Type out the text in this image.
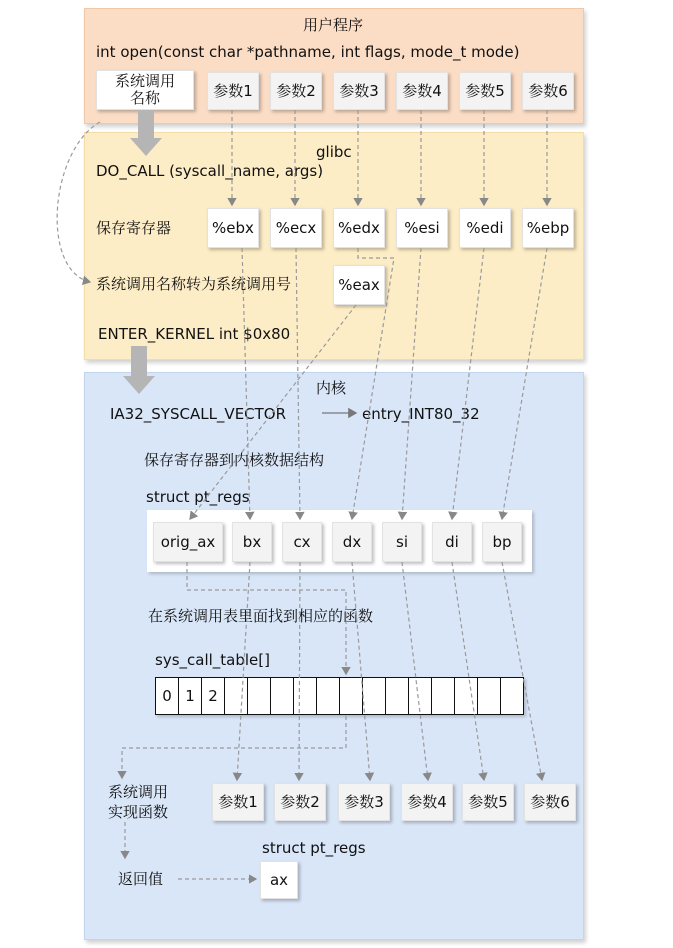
用户程序
int open(const char *pathname, int flags, mode_t mode)
系统调用
名称	参数1	参数2	参数3	参数4	参数5	参数6
glibc
DO_CALL (syscall_name, args)
保存寄存器	%ebx	%ecx	%edx	%esi	%edi	%ebp
系统调用名称转为系统调用号	%eax
ENTER_KERNEL int $0x80
内核
IA32_SYSCALL_VECTOR	entry_INT80_32
保存寄存器到内核数据结构
struct pt_regs
orig_ax	bx	cx	dx	si	di	bp
在系统调用表里面找到相应的函数
sys_call_table[]
0 1 2
系统调用
实现函数
参数1	参数2	参数3	参数4	参数5	参数6
struct pt_regs
返回值	ax
